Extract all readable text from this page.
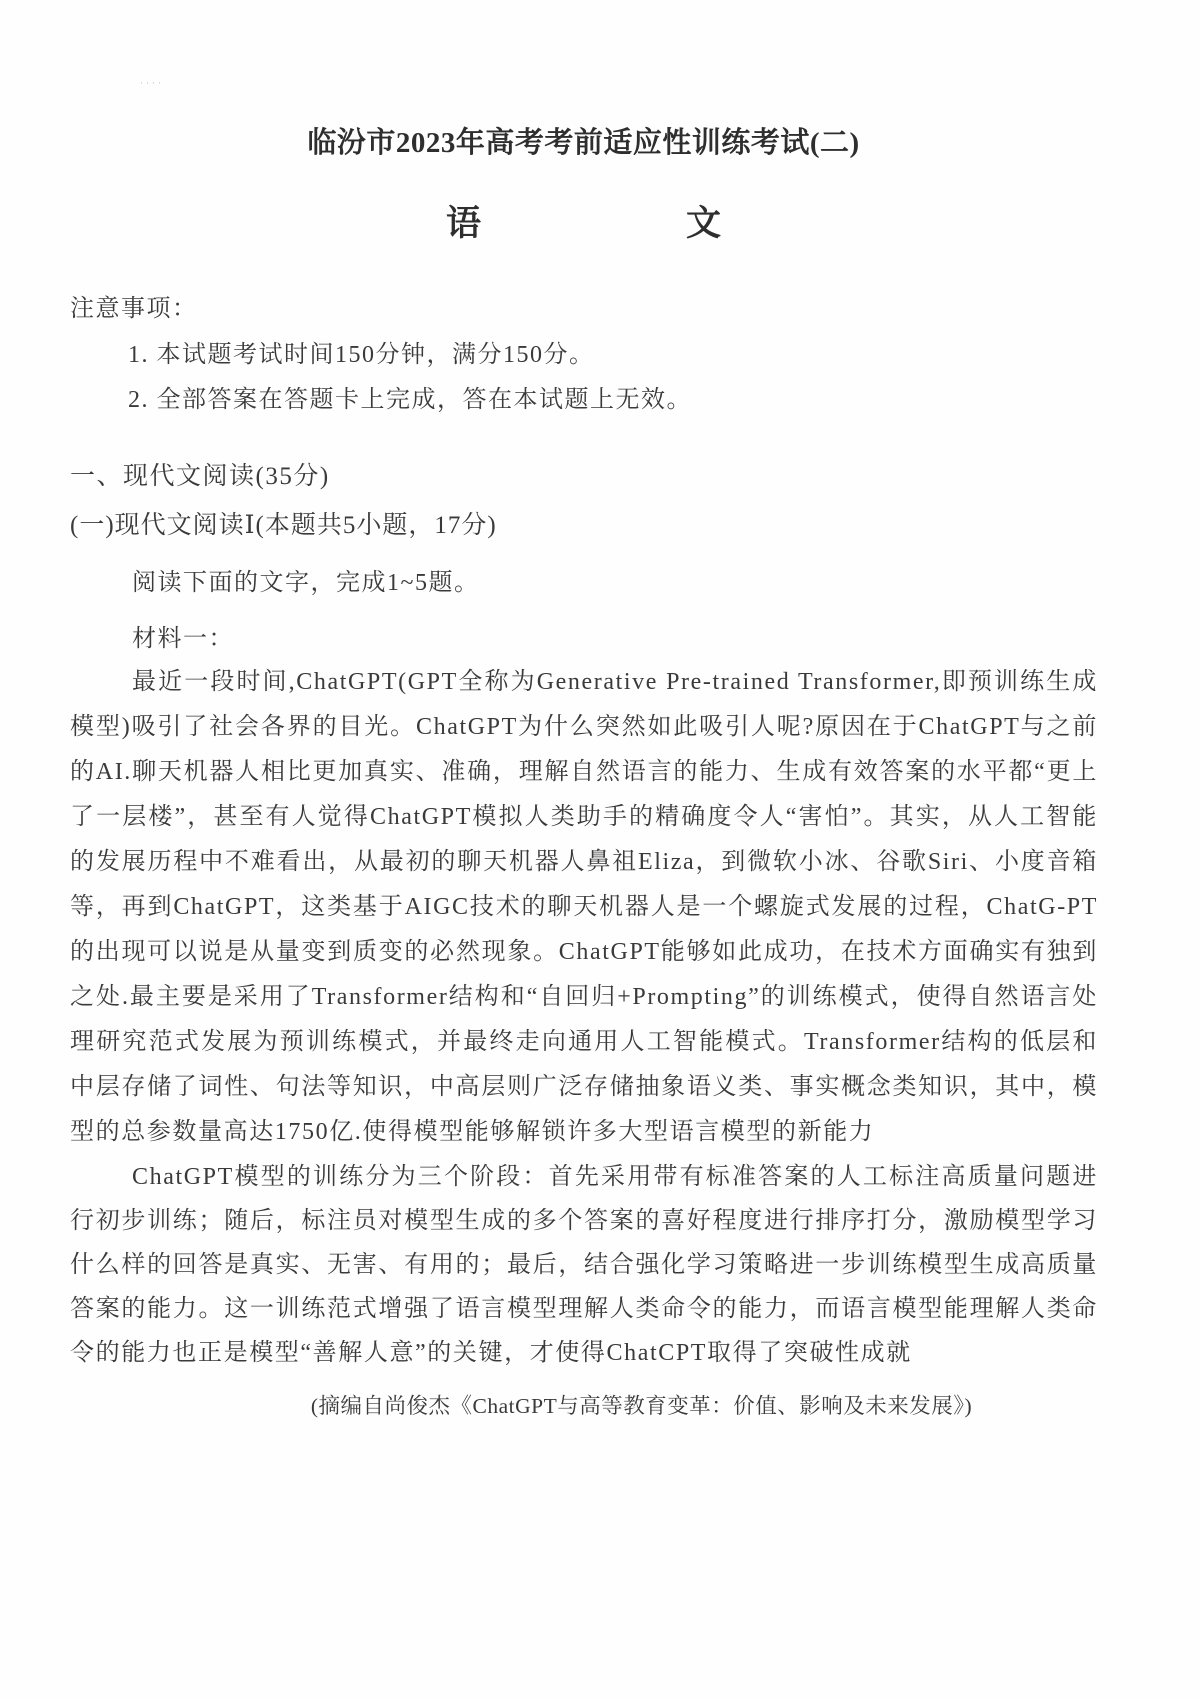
····
临汾市2023年高考考前适应性训练考试(二)
语	文
注意事项：
1. 本试题考试时间150分钟，满分150分。
2. 全部答案在答题卡上完成，答在本试题上无效。
一、现代文阅读(35分)
(一)现代文阅读Ⅰ(本题共5小题，17分)
阅读下面的文字，完成1~5题。
材料一：

最近一段时间,ChatGPT(GPT全称为Generative Pre-trained Transformer,即预训练生成模型)吸引了社会各界的目光。ChatGPT为什么突然如此吸引人呢?原因在于ChatGPT与之前的AI.聊天机器人相比更加真实、准确，理解自然语言的能力、生成有效答案的水平都“更上了一层楼”，甚至有人觉得ChatGPT模拟人类助手的精确度令人“害怕”。其实，从人工智能的发展历程中不难看出，从最初的聊天机器人鼻祖Eliza，到微软小冰、谷歌Siri、小度音箱等，再到ChatGPT，这类基于AIGC技术的聊天机器人是一个螺旋式发展的过程，ChatG-PT的出现可以说是从量变到质变的必然现象。ChatGPT能够如此成功，在技术方面确实有独到之处.最主要是采用了Transformer结构和“自回归+Prompting”的训练模式，使得自然语言处理研究范式发展为预训练模式，并最终走向通用人工智能模式。Transformer结构的低层和中层存储了词性、句法等知识，中高层则广泛存储抽象语义类、事实概念类知识，其中，模型的总参数量高达1750亿.使得模型能够解锁许多大型语言模型的新能力

ChatGPT模型的训练分为三个阶段：首先采用带有标准答案的人工标注高质量问题进行初步训练；随后，标注员对模型生成的多个答案的喜好程度进行排序打分，激励模型学习什么样的回答是真实、无害、有用的；最后，结合强化学习策略进一步训练模型生成高质量答案的能力。这一训练范式增强了语言模型理解人类命令的能力，而语言模型能理解人类命令的能力也正是模型“善解人意”的关键，才使得ChatCPT取得了突破性成就

(摘编自尚俊杰《ChatGPT与高等教育变革：价值、影响及未来发展》)
